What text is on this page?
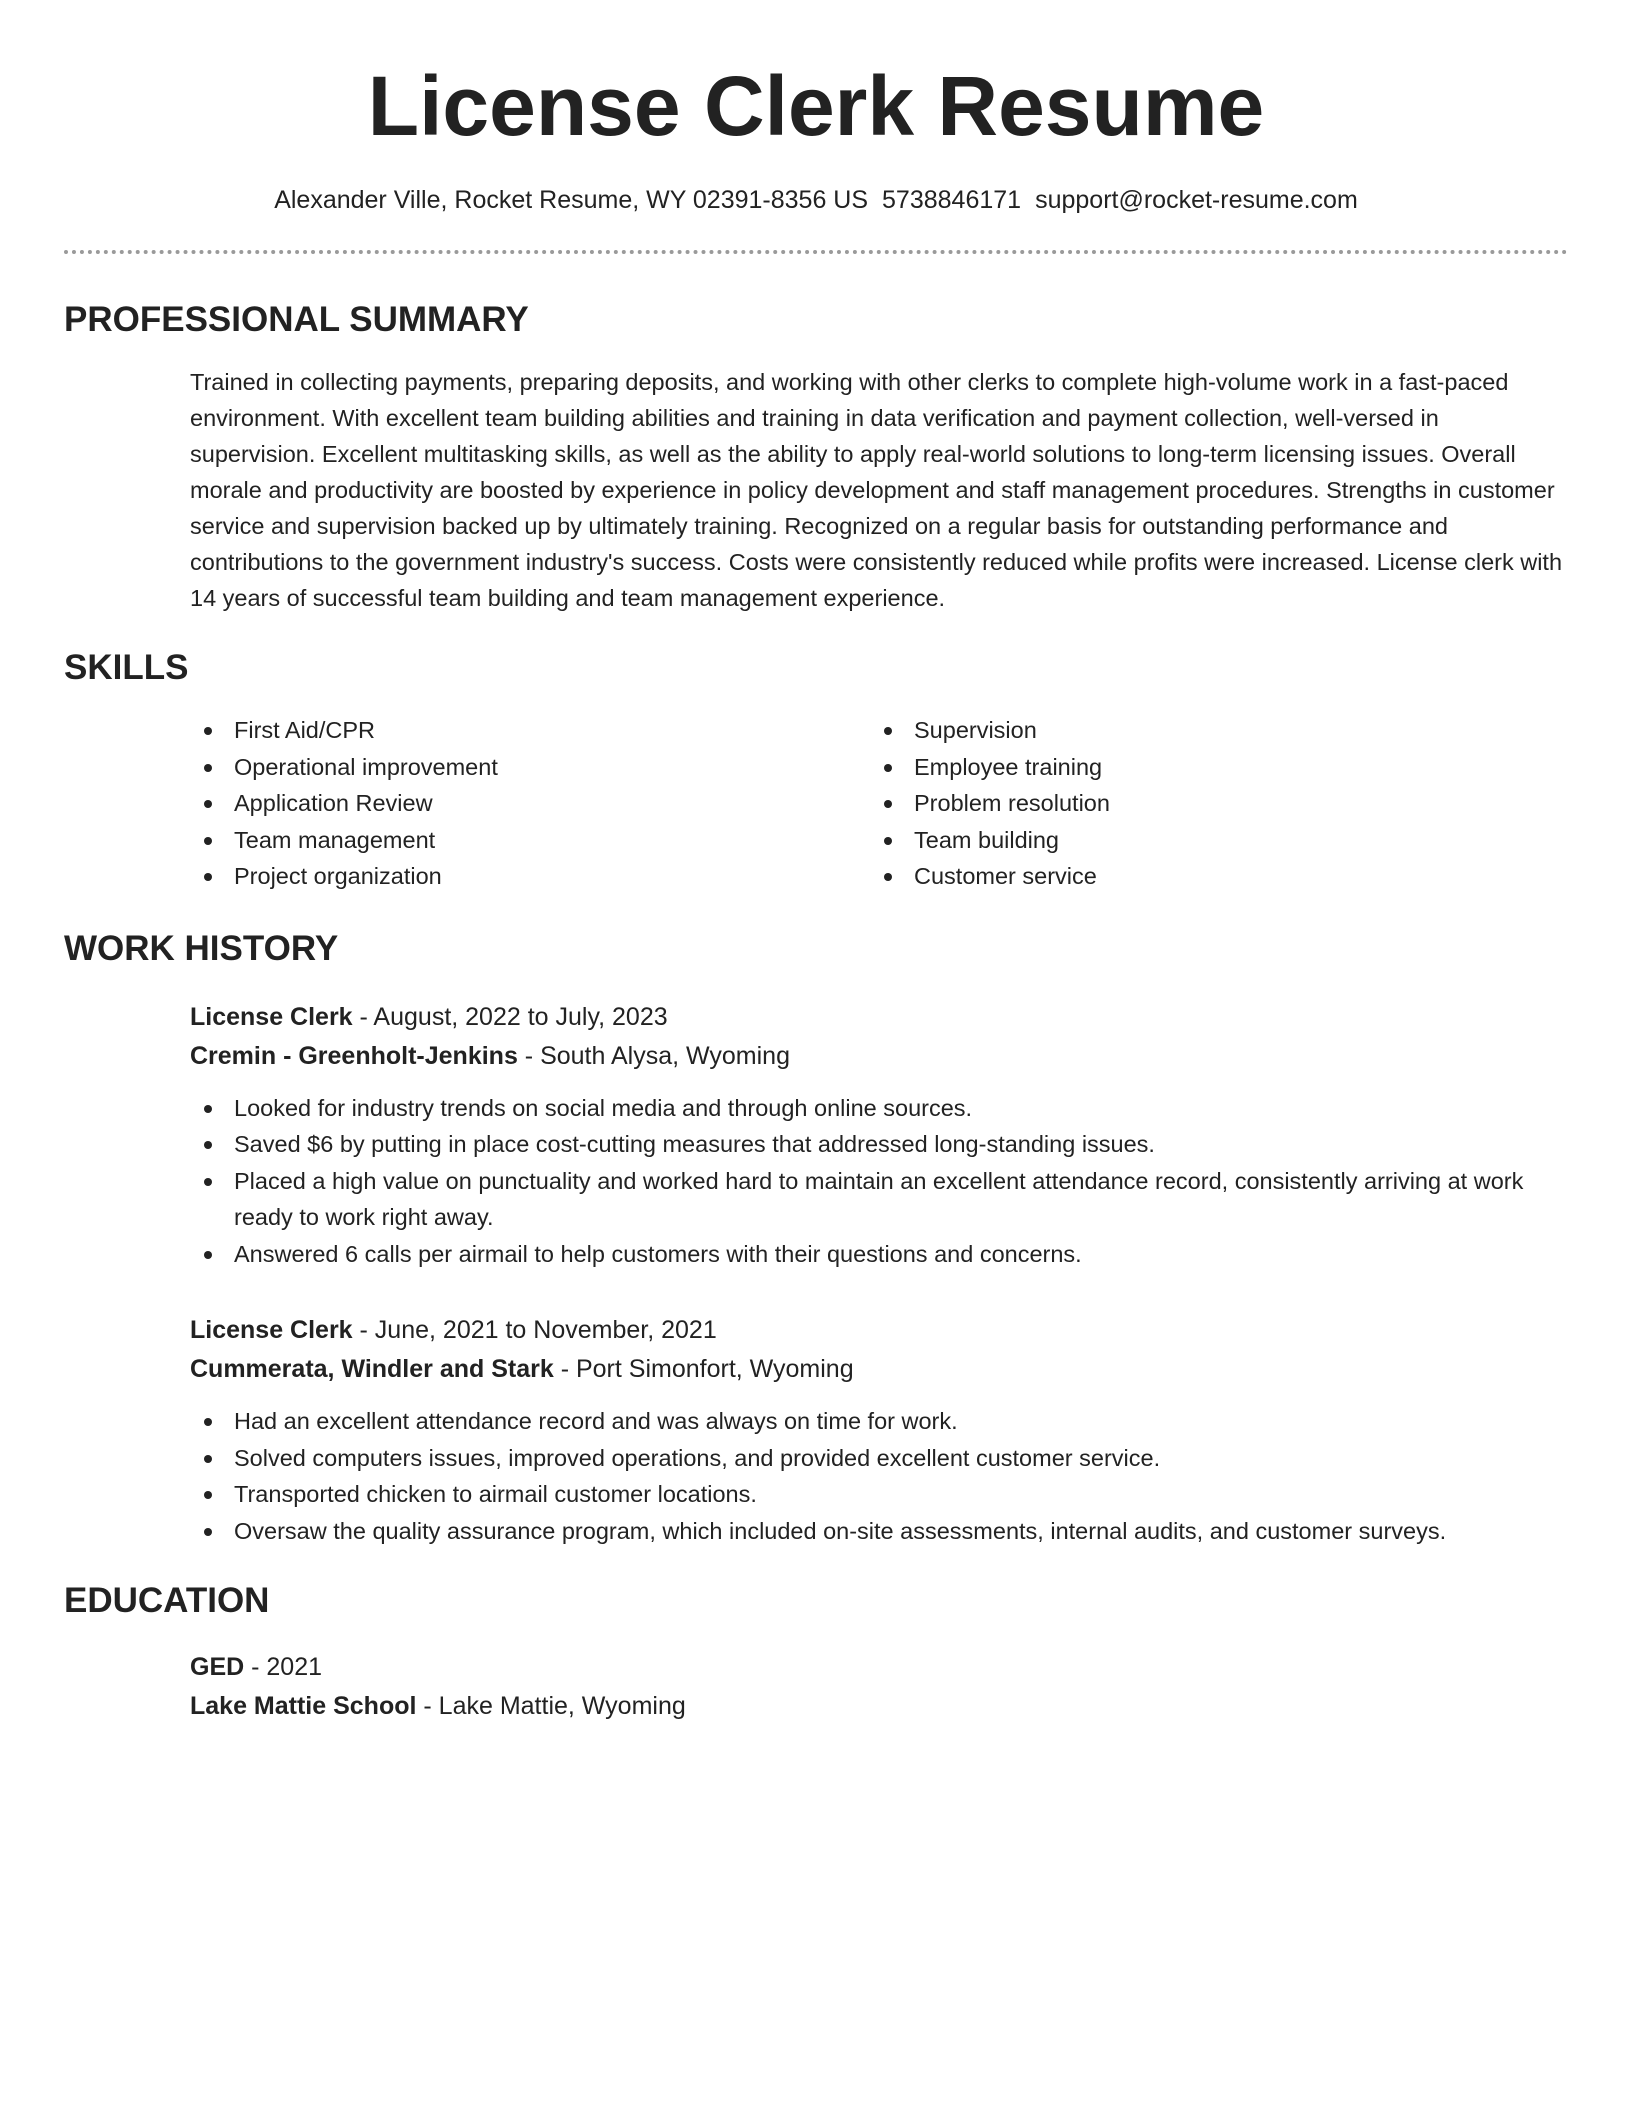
License Clerk Resume
Alexander Ville, Rocket Resume, WY 02391-8356 US 5738846171 support@rocket-resume.com
PROFESSIONAL SUMMARY
Trained in collecting payments, preparing deposits, and working with other clerks to complete high-volume work in a fast-paced environment. With excellent team building abilities and training in data verification and payment collection, well-versed in supervision. Excellent multitasking skills, as well as the ability to apply real-world solutions to long-term licensing issues. Overall morale and productivity are boosted by experience in policy development and staff management procedures. Strengths in customer service and supervision backed up by ultimately training. Recognized on a regular basis for outstanding performance and contributions to the government industry's success. Costs were consistently reduced while profits were increased. License clerk with 14 years of successful team building and team management experience.
SKILLS
First Aid/CPR
Operational improvement
Application Review
Team management
Project organization
Supervision
Employee training
Problem resolution
Team building
Customer service
WORK HISTORY
License Clerk - August, 2022 to July, 2023
Cremin - Greenholt-Jenkins - South Alysa, Wyoming
Looked for industry trends on social media and through online sources.
Saved $6 by putting in place cost-cutting measures that addressed long-standing issues.
Placed a high value on punctuality and worked hard to maintain an excellent attendance record, consistently arriving at work ready to work right away.
Answered 6 calls per airmail to help customers with their questions and concerns.
License Clerk - June, 2021 to November, 2021
Cummerata, Windler and Stark - Port Simonfort, Wyoming
Had an excellent attendance record and was always on time for work.
Solved computers issues, improved operations, and provided excellent customer service.
Transported chicken to airmail customer locations.
Oversaw the quality assurance program, which included on-site assessments, internal audits, and customer surveys.
EDUCATION
GED - 2021
Lake Mattie School - Lake Mattie, Wyoming
